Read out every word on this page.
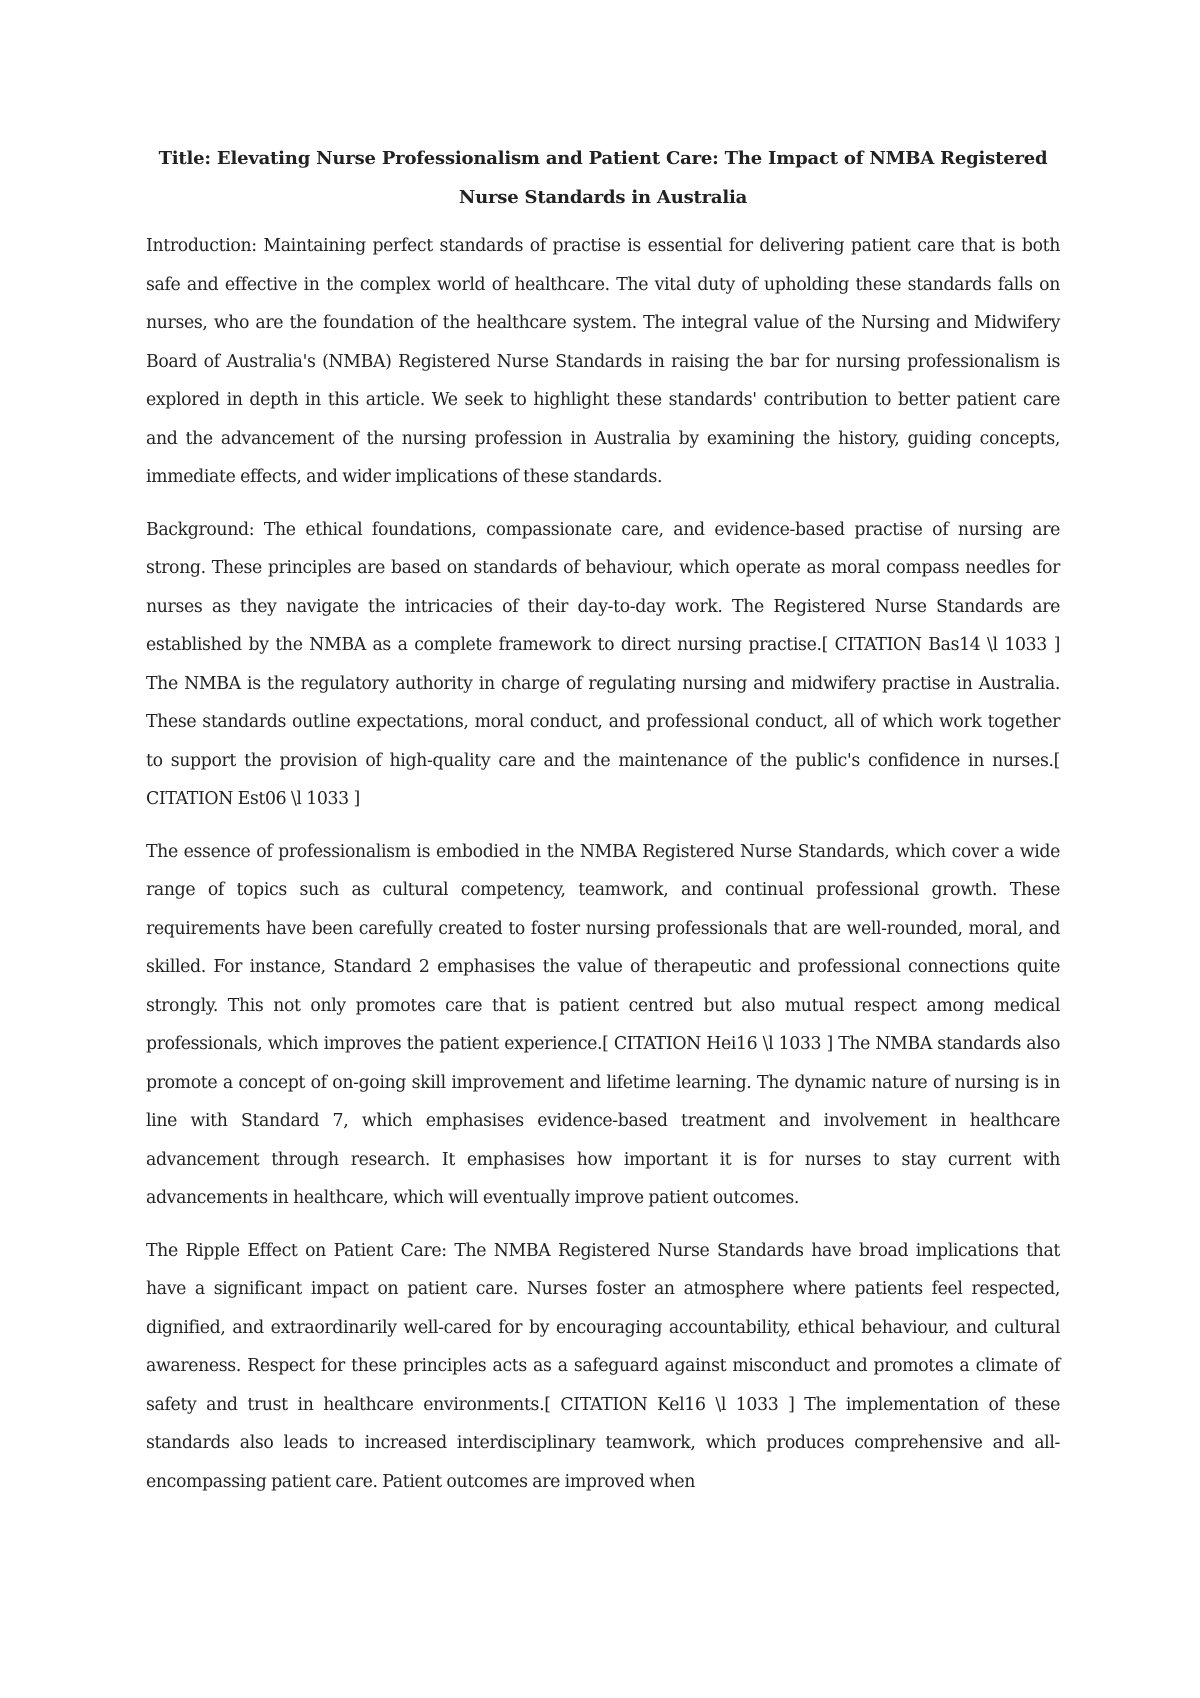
Title: Elevating Nurse Professionalism and Patient Care: The Impact of NMBA Registered Nurse Standards in Australia

Introduction: Maintaining perfect standards of practise is essential for delivering patient care that is both safe and effective in the complex world of healthcare. The vital duty of upholding these standards falls on nurses, who are the foundation of the healthcare system. The integral value of the Nursing and Midwifery Board of Australia's (NMBA) Registered Nurse Standards in raising the bar for nursing professionalism is explored in depth in this article. We seek to highlight these standards' contribution to better patient care and the advancement of the nursing profession in Australia by examining the history, guiding concepts, immediate effects, and wider implications of these standards.

Background: The ethical foundations, compassionate care, and evidence-based practise of nursing are strong. These principles are based on standards of behaviour, which operate as moral compass needles for nurses as they navigate the intricacies of their day-to-day work. The Registered Nurse Standards are established by the NMBA as a complete framework to direct nursing practise.[ CITATION Bas14 \l 1033 ] The NMBA is the regulatory authority in charge of regulating nursing and midwifery practise in Australia. These standards outline expectations, moral conduct, and professional conduct, all of which work together to support the provision of high-quality care and the maintenance of the public's confidence in nurses.[ CITATION Est06 \l 1033 ]

The essence of professionalism is embodied in the NMBA Registered Nurse Standards, which cover a wide range of topics such as cultural competency, teamwork, and continual professional growth. These requirements have been carefully created to foster nursing professionals that are well-rounded, moral, and skilled. For instance, Standard 2 emphasises the value of therapeutic and professional connections quite strongly. This not only promotes care that is patient centred but also mutual respect among medical professionals, which improves the patient experience.[ CITATION Hei16 \l 1033 ] The NMBA standards also promote a concept of on-going skill improvement and lifetime learning. The dynamic nature of nursing is in line with Standard 7, which emphasises evidence-based treatment and involvement in healthcare advancement through research. It emphasises how important it is for nurses to stay current with advancements in healthcare, which will eventually improve patient outcomes.

The Ripple Effect on Patient Care: The NMBA Registered Nurse Standards have broad implications that have a significant impact on patient care. Nurses foster an atmosphere where patients feel respected, dignified, and extraordinarily well-cared for by encouraging accountability, ethical behaviour, and cultural awareness. Respect for these principles acts as a safeguard against misconduct and promotes a climate of safety and trust in healthcare environments.[ CITATION Kel16 \l 1033 ] The implementation of these standards also leads to increased interdisciplinary teamwork, which produces comprehensive and all-encompassing patient care. Patient outcomes are improved when
